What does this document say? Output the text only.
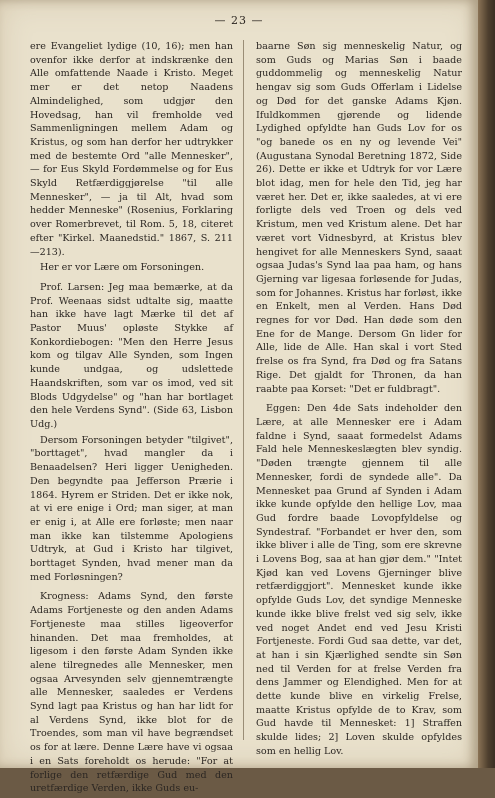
— 23 —

ere Evangeliet lydige (10, 16); men han ovenfor ikke derfor at indskrænke den Alle omfattende Naade i Kristo. Meget mer er det netop Naadens Almindelighed, som udgjør den Hovedsag, han vil fremholde ved Sammenligningen mellem Adam og Kristus, og som han derfor her udtrykker med de bestemte Ord "alle Mennesker", — for Eus Skyld Fordømmelse og for Eus Skyld Retfærdiggjørelse "til alle Mennesker", — ja til Alt, hvad som hedder Menneske" (Rosenius, Forklaring over Romerbrevet, til Rom. 5, 18, citeret efter "Kirkel. Maanedstid." 1867, S. 211—213).

Her er vor Lære om Forsoningen.

Prof. Larsen: Jeg maa bemærke, at da Prof. Weenaas sidst udtalte sig, maatte han ikke have lagt Mærke til det af Pastor Muus' opløste Stykke af Konkordiebogen: "Men den Herre Jesus kom og tilgav Alle Synden, som Ingen kunde undgaa, og udslettede Haandskriften, som var os imod, ved sit Blods Udgydelse" og "han har bortlaget den hele Verdens Synd". (Side 63, Lisbon Udg.)

Dersom Forsoningen betyder "tilgivet", "borttaget", hvad mangler da i Benaadelsen? Heri ligger Uenigheden. Den begyndte paa Jefferson Prærie i 1864. Hyrem er Striden. Det er ikke nok, at vi ere enige i Ord; man siger, at man er enig i, at Alle ere forløste; men naar man ikke kan tilstemme Apologiens Udtryk, at Gud i Kristo har tilgivet, borttaget Synden, hvad mener man da med Forløsningen?

Krogness: Adams Synd, den første Adams Fortjeneste og den anden Adams Fortjeneste maa stilles ligeoverfor hinanden. Det maa fremholdes, at ligesom i den første Adam Synden ikke alene tilregnedes alle Mennesker, men ogsaa Arvesynden selv gjennemtrængte alle Mennesker, saaledes er Verdens Synd lagt paa Kristus og han har lidt for al Verdens Synd, ikke blot for de Troendes, som man vil have begrændset os for at lære. Denne Lære have vi ogsaa i en Sats foreholdt os herude: "For at forlige den retfærdige Gud med den uretfærdige Verden, ikke Guds eu-

baarne Søn sig menneskelig Natur, og som Guds og Marias Søn i baade guddommelig og menneskelig Natur hengav sig som Guds Offerlam i Lidelse og Død for det ganske Adams Kjøn. Ifuldkommen gjørende og lidende Lydighed opfyldte han Guds Lov for os "og banede os en ny og levende Vei" (Augustana Synodal Beretning 1872, Side 26). Dette er ikke et Udtryk for vor Lære blot idag, men for hele den Tid, jeg har været her. Det er, ikke saaledes, at vi ere forligte dels ved Troen og dels ved Kristum, men ved Kristum alene. Det har været vort Vidnesbyrd, at Kristus blev hengivet for alle Menneskers Synd, saaat ogsaa Judas's Synd laa paa ham, og hans Gjerning var ligesaa forløsende for Judas, som for Johannes. Kristus har forløst, ikke en Enkelt, men al Verden. Hans Død regnes for vor Død. Han døde som den Ene for de Mange. Dersom Gn lider for Alle, lide de Alle. Han skal i vort Sted frelse os fra Synd, fra Død og fra Satans Rige. Det gjaldt for Thronen, da han raabte paa Korset: "Det er fuldbragt".

Eggen: Den 4de Sats indeholder den Lære, at alle Mennesker ere i Adam faldne i Synd, saaat formedelst Adams Fald hele Menneskeslægten blev syndig. "Døden trængte gjennem til alle Mennesker, fordi de syndede alle". Da Mennesket paa Grund af Synden i Adam ikke kunde opfylde den hellige Lov, maa Gud fordre baade Lovopfyldelse og Syndestraf. "Forbandet er hver den, som ikke bliver i alle de Ting, som ere skrevne i Lovens Bog, saa at han gjør dem." "Intet Kjød kan ved Lovens Gjerninger blive retfærdiggjort". Mennesket kunde ikke opfylde Guds Lov, det syndige Menneske kunde ikke blive frelst ved sig selv, ikke ved noget Andet end ved Jesu Kristi Fortjeneste. Fordi Gud saa dette, var det, at han i sin Kjærlighed sendte sin Søn ned til Verden for at frelse Verden fra dens Jammer og Elendighed. Men for at dette kunde blive en virkelig Frelse, maatte Kristus opfylde de to Krav, som Gud havde til Mennesket: 1] Straffen skulde lides; 2] Loven skulde opfyldes som en hellig Lov.
